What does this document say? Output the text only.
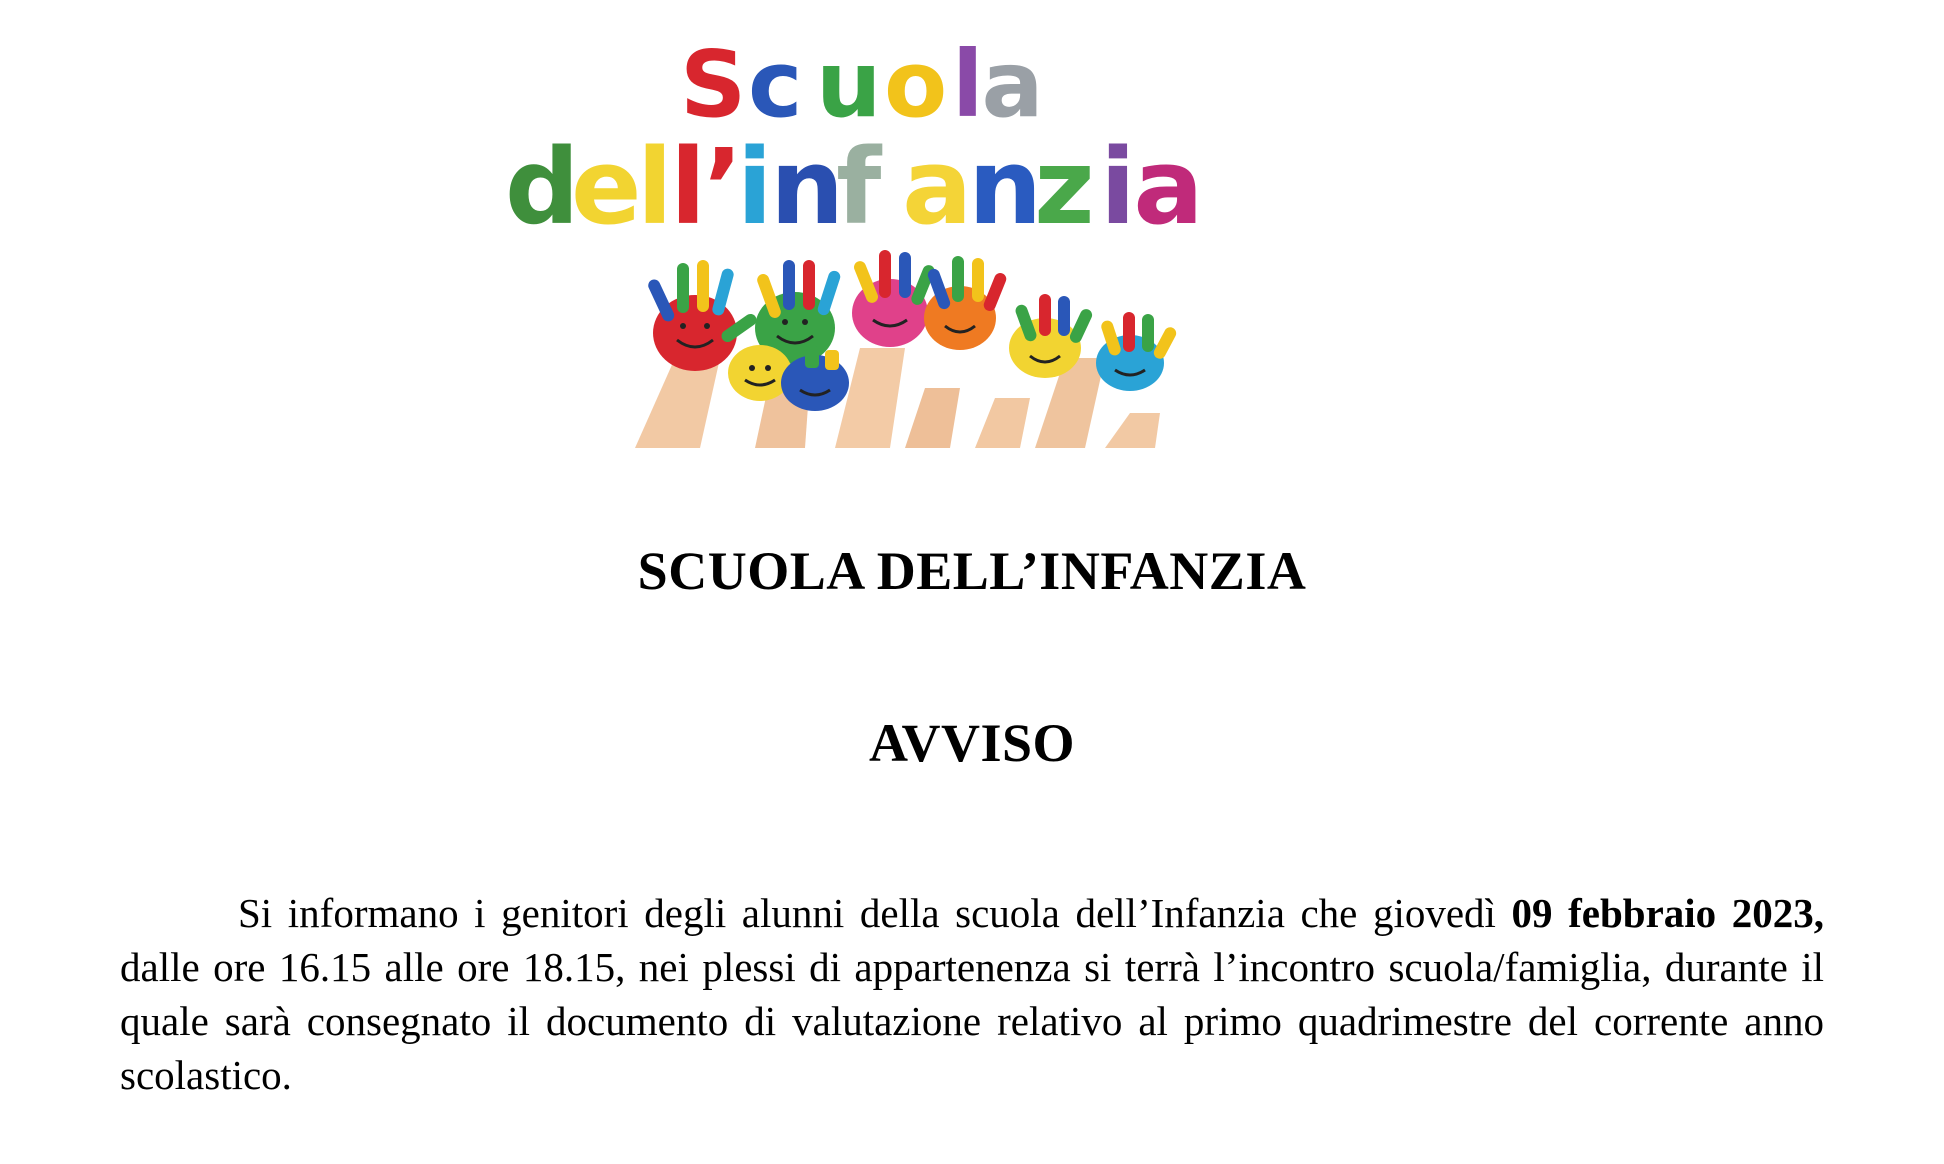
S c u o l
a
d
e
l
l
’
i
n
f a
n
z i
a
SCUOLA DELL’INFANZIA
AVVISO

Si informano i genitori degli alunni della scuola dell’Infanzia che giovedì 09 febbraio 2023, dalle ore 16.15 alle ore 18.15, nei plessi di appartenenza si terrà l’incontro scuola/famiglia, durante il quale sarà consegnato il documento di valutazione relativo al primo quadrimestre del corrente anno scolastico.
